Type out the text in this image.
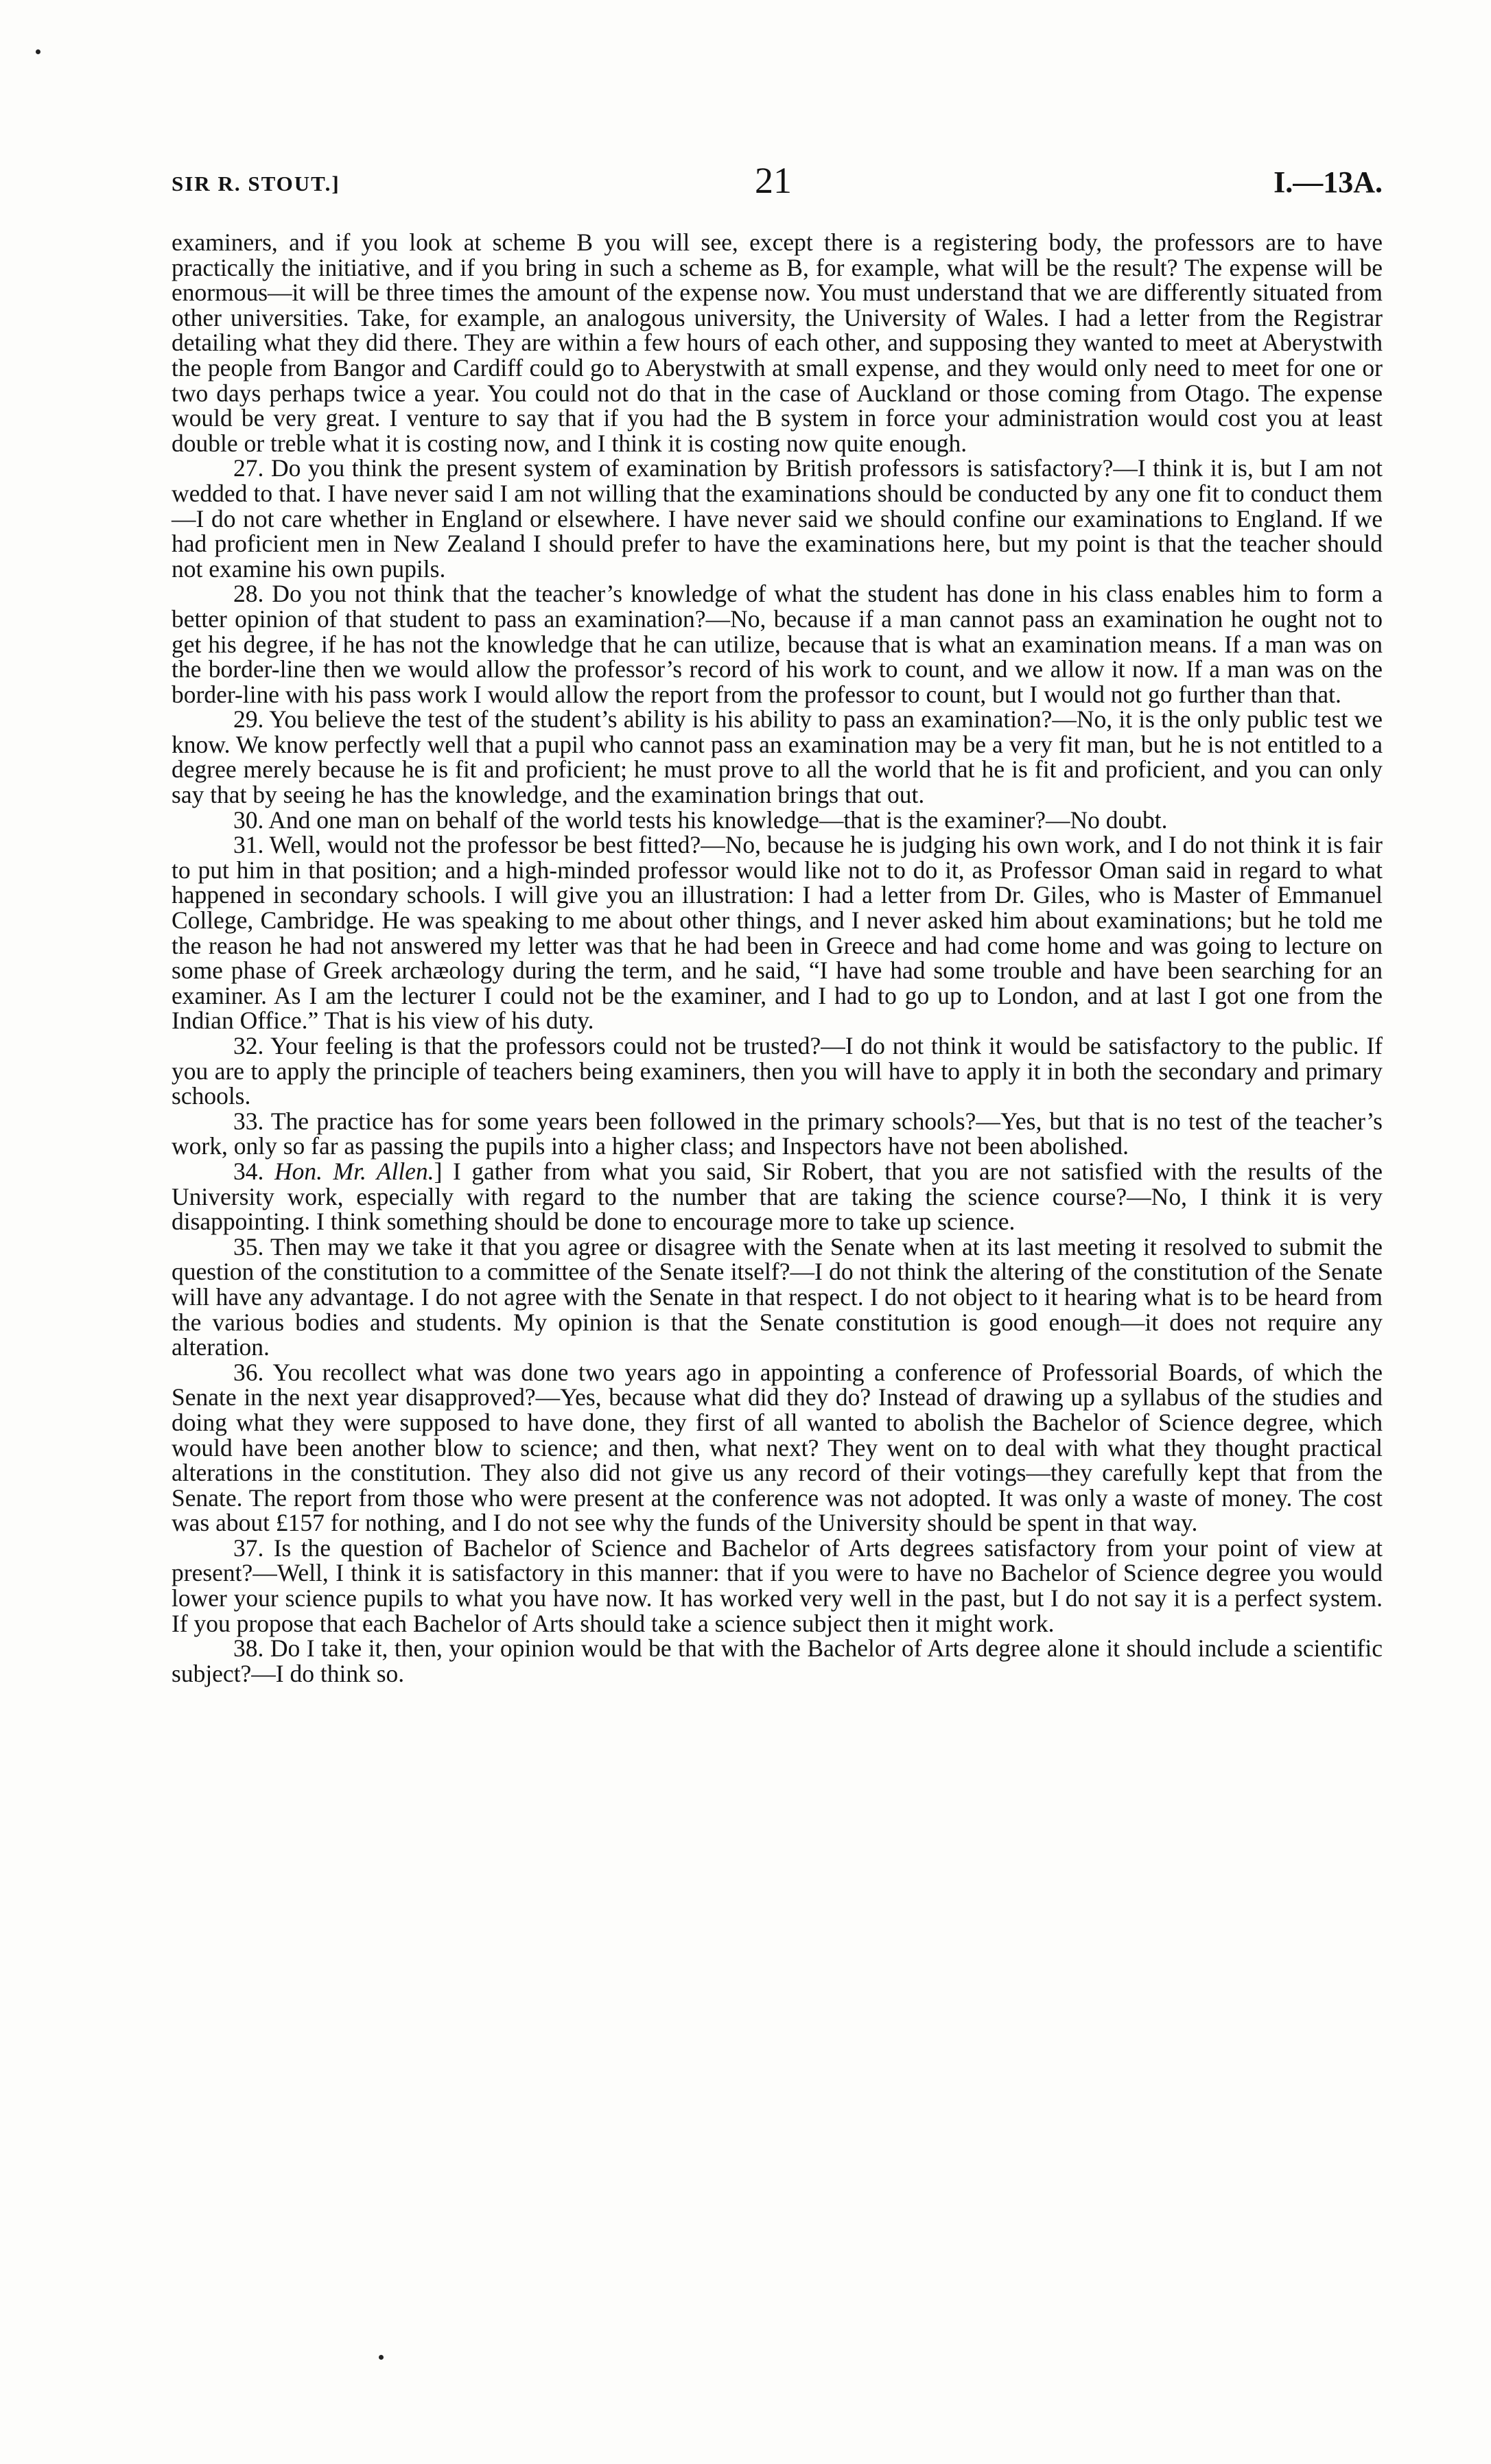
SIR R. STOUT.]	21	I.—13A.

examiners, and if you look at scheme B you will see, except there is a registering body, the professors are to have practically the initiative, and if you bring in such a scheme as B, for example, what will be the result? The expense will be enormous—it will be three times the amount of the expense now. You must understand that we are differently situated from other universities. Take, for example, an analogous university, the University of Wales. I had a letter from the Registrar detailing what they did there. They are within a few hours of each other, and supposing they wanted to meet at Aberystwith the people from Bangor and Cardiff could go to Aberystwith at small expense, and they would only need to meet for one or two days perhaps twice a year. You could not do that in the case of Auckland or those coming from Otago. The expense would be very great. I venture to say that if you had the B system in force your administration would cost you at least double or treble what it is costing now, and I think it is costing now quite enough.

27. Do you think the present system of examination by British professors is satisfactory?—I think it is, but I am not wedded to that. I have never said I am not willing that the examinations should be conducted by any one fit to conduct them—I do not care whether in England or elsewhere. I have never said we should confine our examinations to England. If we had proficient men in New Zealand I should prefer to have the examinations here, but my point is that the teacher should not examine his own pupils.

28. Do you not think that the teacher’s knowledge of what the student has done in his class enables him to form a better opinion of that student to pass an examination?—No, because if a man cannot pass an examination he ought not to get his degree, if he has not the knowledge that he can utilize, because that is what an examination means. If a man was on the border-line then we would allow the professor’s record of his work to count, and we allow it now. If a man was on the border-line with his pass work I would allow the report from the professor to count, but I would not go further than that.

29. You believe the test of the student’s ability is his ability to pass an examination?—No, it is the only public test we know. We know perfectly well that a pupil who cannot pass an examination may be a very fit man, but he is not entitled to a degree merely because he is fit and proficient; he must prove to all the world that he is fit and proficient, and you can only say that by seeing he has the knowledge, and the examination brings that out.

30. And one man on behalf of the world tests his knowledge—that is the examiner?—No doubt.

31. Well, would not the professor be best fitted?—No, because he is judging his own work, and I do not think it is fair to put him in that position; and a high-minded professor would like not to do it, as Professor Oman said in regard to what happened in secondary schools. I will give you an illustration: I had a letter from Dr. Giles, who is Master of Emmanuel College, Cambridge. He was speaking to me about other things, and I never asked him about examinations; but he told me the reason he had not answered my letter was that he had been in Greece and had come home and was going to lecture on some phase of Greek archæology during the term, and he said, “I have had some trouble and have been searching for an examiner. As I am the lecturer I could not be the examiner, and I had to go up to London, and at last I got one from the Indian Office.” That is his view of his duty.

32. Your feeling is that the professors could not be trusted?—I do not think it would be satisfactory to the public. If you are to apply the principle of teachers being examiners, then you will have to apply it in both the secondary and primary schools.

33. The practice has for some years been followed in the primary schools?—Yes, but that is no test of the teacher’s work, only so far as passing the pupils into a higher class; and Inspectors have not been abolished.

34. Hon. Mr. Allen.] I gather from what you said, Sir Robert, that you are not satisfied with the results of the University work, especially with regard to the number that are taking the science course?—No, I think it is very disappointing. I think something should be done to encourage more to take up science.

35. Then may we take it that you agree or disagree with the Senate when at its last meeting it resolved to submit the question of the constitution to a committee of the Senate itself?—I do not think the altering of the constitution of the Senate will have any advantage. I do not agree with the Senate in that respect. I do not object to it hearing what is to be heard from the various bodies and students. My opinion is that the Senate constitution is good enough—it does not require any alteration.

36. You recollect what was done two years ago in appointing a conference of Professorial Boards, of which the Senate in the next year disapproved?—Yes, because what did they do? Instead of drawing up a syllabus of the studies and doing what they were supposed to have done, they first of all wanted to abolish the Bachelor of Science degree, which would have been another blow to science; and then, what next? They went on to deal with what they thought practical alterations in the constitution. They also did not give us any record of their votings—they carefully kept that from the Senate. The report from those who were present at the conference was not adopted. It was only a waste of money. The cost was about £157 for nothing, and I do not see why the funds of the University should be spent in that way.

37. Is the question of Bachelor of Science and Bachelor of Arts degrees satisfactory from your point of view at present?—Well, I think it is satisfactory in this manner: that if you were to have no Bachelor of Science degree you would lower your science pupils to what you have now. It has worked very well in the past, but I do not say it is a perfect system. If you propose that each Bachelor of Arts should take a science subject then it might work.

38. Do I take it, then, your opinion would be that with the Bachelor of Arts degree alone it should include a scientific subject?—I do think so.
